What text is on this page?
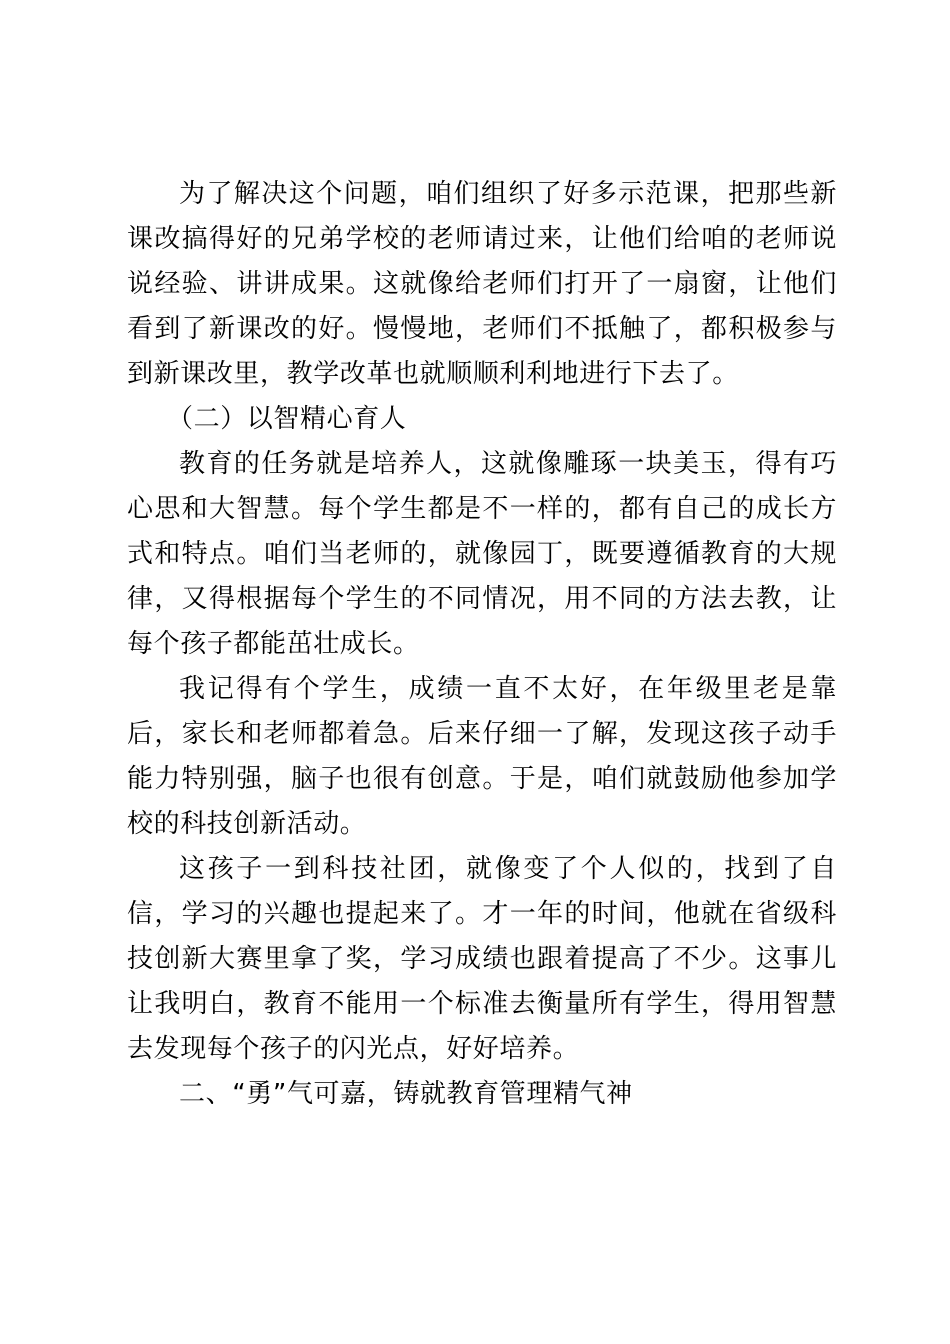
为了解决这个问题，咱们组织了好多示范课，把那些新课改搞得好的兄弟学校的老师请过来，让他们给咱的老师说说经验、讲讲成果。这就像给老师们打开了一扇窗，让他们看到了新课改的好。慢慢地，老师们不抵触了，都积极参与到新课改里，教学改革也就顺顺利利地进行下去了。

（二）以智精心育人

教育的任务就是培养人，这就像雕琢一块美玉，得有巧心思和大智慧。每个学生都是不一样的，都有自己的成长方式和特点。咱们当老师的，就像园丁，既要遵循教育的大规律，又得根据每个学生的不同情况，用不同的方法去教，让每个孩子都能茁壮成长。

我记得有个学生，成绩一直不太好，在年级里老是靠后，家长和老师都着急。后来仔细一了解，发现这孩子动手能力特别强，脑子也很有创意。于是，咱们就鼓励他参加学校的科技创新活动。

这孩子一到科技社团，就像变了个人似的，找到了自信，学习的兴趣也提起来了。才一年的时间，他就在省级科技创新大赛里拿了奖，学习成绩也跟着提高了不少。这事儿让我明白，教育不能用一个标准去衡量所有学生，得用智慧去发现每个孩子的闪光点，好好培养。

二、“勇”气可嘉，铸就教育管理精气神
